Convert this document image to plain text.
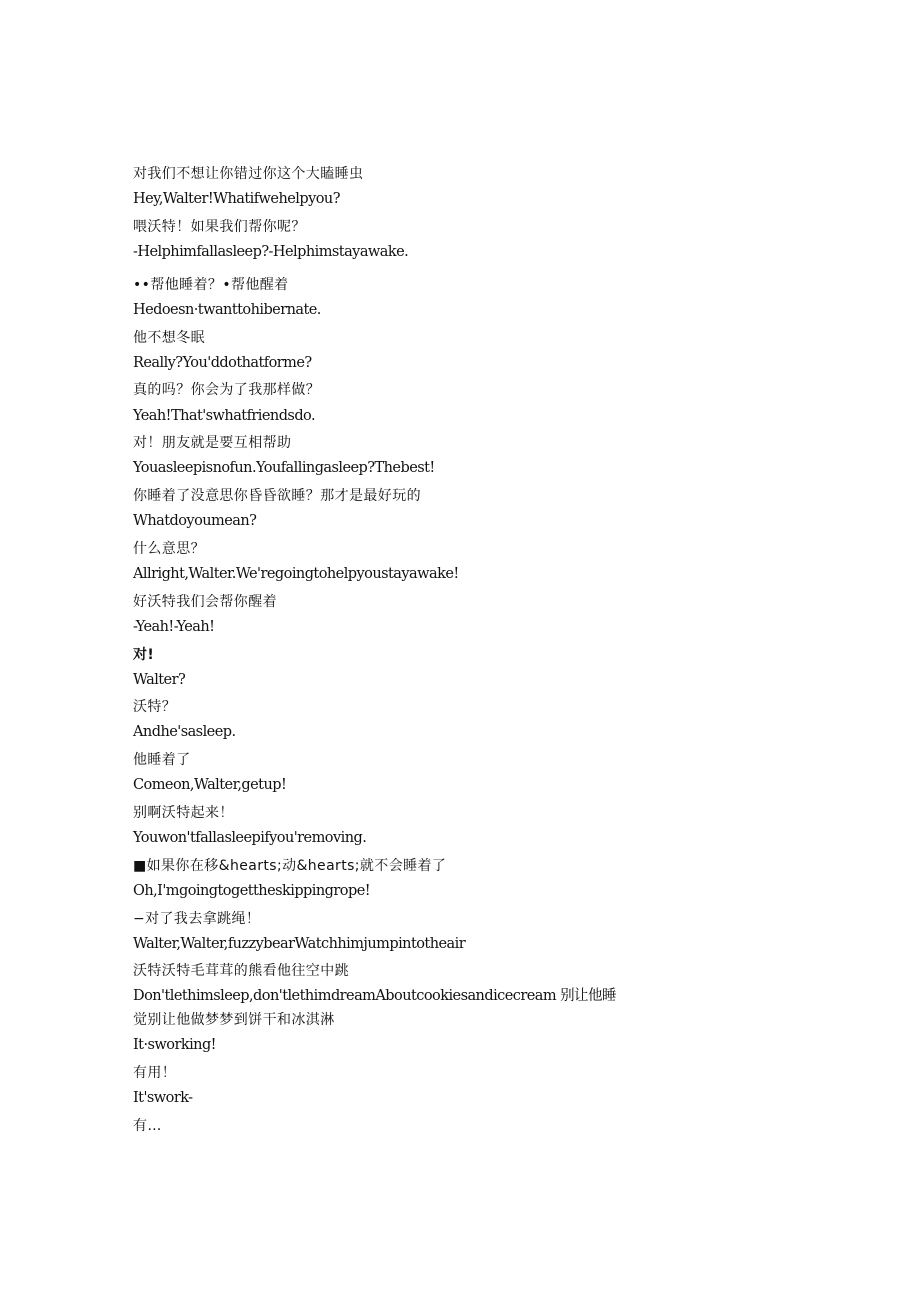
对我们不想让你错过你这个大瞌睡虫
Hey,Walter!Whatifwehelpyou?
喂沃特！如果我们帮你呢？
-Helphimfallasleep?-Helphimstayawake.
••帮他睡着？•帮他醒着
Hedoesn·twanttohibernate.
他不想冬眠
Really?You'ddothatforme?
真的吗？你会为了我那样做？
Yeah!That'swhatfriendsdo.
对！朋友就是要互相帮助
Youasleepisnofun.Youfallingasleep?Thebest!
你睡着了没意思你昏昏欲睡？那才是最好玩的
Whatdoyoumean?
什么意思？
Allright,Walter.We'regoingtohelpyoustayawake!
好沃特我们会帮你醒着
-Yeah!-Yeah!
对!
Walter?
沃特？
Andhe'sasleep.
他睡着了
Comeon,Walter,getup!
别啊沃特起来！
Youwon'tfallasleepifyou'removing.
■如果你在移&hearts;动&hearts;就不会睡着了
Oh,I'mgoingtogettheskippingrope!
−对了我去拿跳绳！
Walter,Walter,fuzzybearWatchhimjumpintotheair
沃特沃特毛茸茸的熊看他往空中跳
Don'tlethimsleep,don'tlethimdreamAboutcookiesandicecream 别让他睡
觉别让他做梦梦到饼干和冰淇淋
It·sworking!
有用！
It'swork-
有…
